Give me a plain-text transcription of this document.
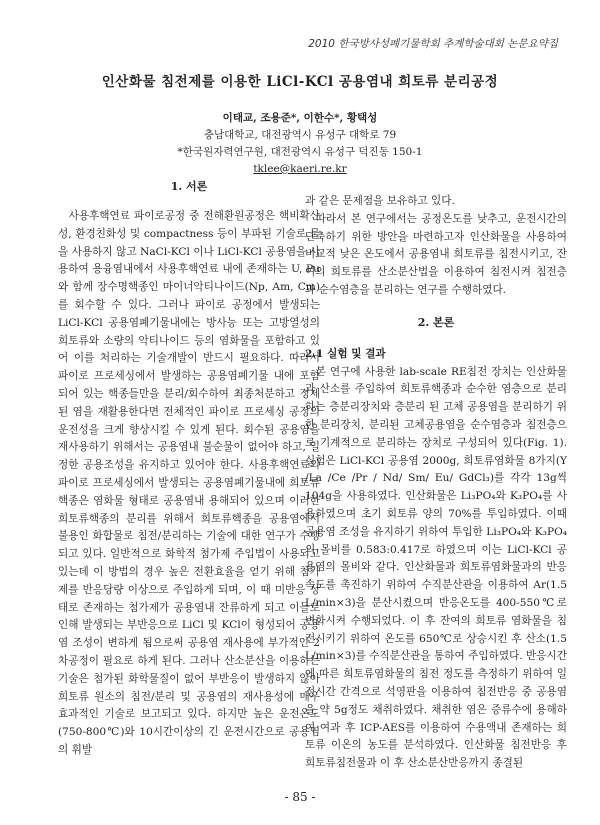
2010 한국방사성폐기물학회 추계학술대회 논문요약집
인산화물 침전제를 이용한 LiCl-KCl 공용염내 희토류 분리공정
이태교, 조용준*, 이한수*, 황택성
충남대학교, 대전광역시 유성구 대학로 79
*한국원자력연구원, 대전광역시 유성구 덕진동 150-1
tklee@kaeri.re.kr
1. 서론

사용후핵연료 파이로공정 중 전해환원공정은 핵비확산성, 환경친화성 및 compactness 등이 부파된 기술로 물을 사용하지 않고 NaCl-KCl 이나 LiCl-KCl 공용염을 사용하여 용융염내에서 사용후핵연료 내에 존재하는 U, Pu와 함께 장수명핵종인 마이너악티나이드(Np, Am, Cm)를 회수할 수 있다. 그러나 파이로 공정에서 발생되는 LiCl-KCl 공용염폐기물내에는 방사능 또는 고방열성의 희토류와 소량의 악티나이드 등의 염화물을 포함하고 있어 이를 처리하는 기술개발이 반드시 필요하다. 따라서 파이로 프로세싱에서 발생하는 공용염폐기물 내에 포함되어 있는 핵종들만을 분리/회수하여 최종처분하고 정제된 염을 재활용한다면 전체적인 파이로 프로세싱 공정의 운전성을 크게 향상시킬 수 있게 된다. 회수된 공용염을 재사용하기 위해서는 공용염내 불순물이 없어야 하고, 일정한 공용조성을 유지하고 있어야 한다. 사용후핵연료의 파이로 프로세싱에서 발생되는 공용염폐기물내에 희토류핵종은 염화물 형태로 공용염내 용해되어 있으며 이러한 희토류핵종의 분리를 위해서 희토류핵종을 공용염에서 불용인 화합물로 침전/분리하는 기술에 대한 연구가 수행되고 있다. 일반적으로 화학적 첨가제 주입법이 사용되고 있는데 이 방법의 경우 높은 전환효율을 얻기 위해 첨가제를 반응당량 이상으로 주입하게 되며, 이 때 미반응 상태로 존재하는 첨가제가 공용염내 잔류하게 되고 이들로 인해 발생되는 부반응으로 LiCl 및 KCl이 형성되어 공용염 조성이 변하게 됨으로써 공용염 재사용에 부가적인 2차공정이 필요로 하게 된다. 그러나 산소분산을 이용하는 기술은 첨가된 화학물질이 없어 부반응이 발생하지 않아 희토류 원소의 침전/분리 및 공용염의 재사용성에 매우 효과적인 기술로 보고되고 있다. 하지만 높은 운전온도(750-800℃)와 10시간이상의 긴 운전시간으로 공용염의 휘발

과 같은 문제점을 보유하고 있다.

따라서 본 연구에서는 공정온도를 낮추고, 운전시간의 단축하기 위한 방안을 마련하고자 인산화물을 사용하여 비교적 낮은 온도에서 공용염내 희토류를 침전시키고, 잔여의 희토류를 산소분산법을 이용하여 침전시켜 침전층과 순수염층을 분리하는 연구를 수행하였다.

2. 본론
2.1 실험 및 결과

본 연구에 사용한 lab-scale RE침전 장치는 인산화물과 산소를 주입하여 희토류핵종과 순수한 염층으로 분리하는 층분리장치와 층분리 된 고체 공용염을 분리하기 위한 분리장치, 분리된 고체공용염을 순수염층과 침전층으로 기계적으로 분리하는 장치로 구성되어 있다(Fig. 1). 실험은 LiCl-KCl 공용염 2000g, 희토류염화물 8가지(Y /La /Ce /Pr / Nd/ Sm/ Eu/ GdCl₃)를 각각 13g씩 104g을 사용하였다. 인산화물은 Li₃PO₄와 K₃PO₄를 사용하였으며 초기 회토류 양의 70%를 투입하였다. 이때 공용염 조성을 유지하기 위하여 투입한 Li₃PO₄와 K₃PO₄의 몰비를 0.583:0.417로 하였으며 이는 LiCl-KCl 공용염의 몰비와 같다. 인산화물과 희토류염화물과의 반응속도를 촉진하기 위하여 수직분산관을 이용하여 Ar(1.5 L/min×3)을 분산시켰으며 반응온도를 400-550℃로 변화시켜 수행되었다. 이 후 잔여의 희토류 염화물을 침전시키기 위하여 온도를 650℃로 상승시킨 후 산소(1.5 L/min×3)를 수직분산관을 통하여 주입하였다. 반응시간에 따른 희토류염화물의 침전 정도를 측정하기 위하여 일정시간 간격으로 석영판을 이용하여 침전반응 중 공용염을 약 5g정도 채취하였다. 채취한 염은 증류수에 용해하여 여과 후 ICP-AES를 이용하여 수용액내 존재하는 희토류 이온의 농도를 분석하였다. 인산화물 침전반응 후 희토류침전물과 이 후 산소분산반응까지 종결된

- 85 -
